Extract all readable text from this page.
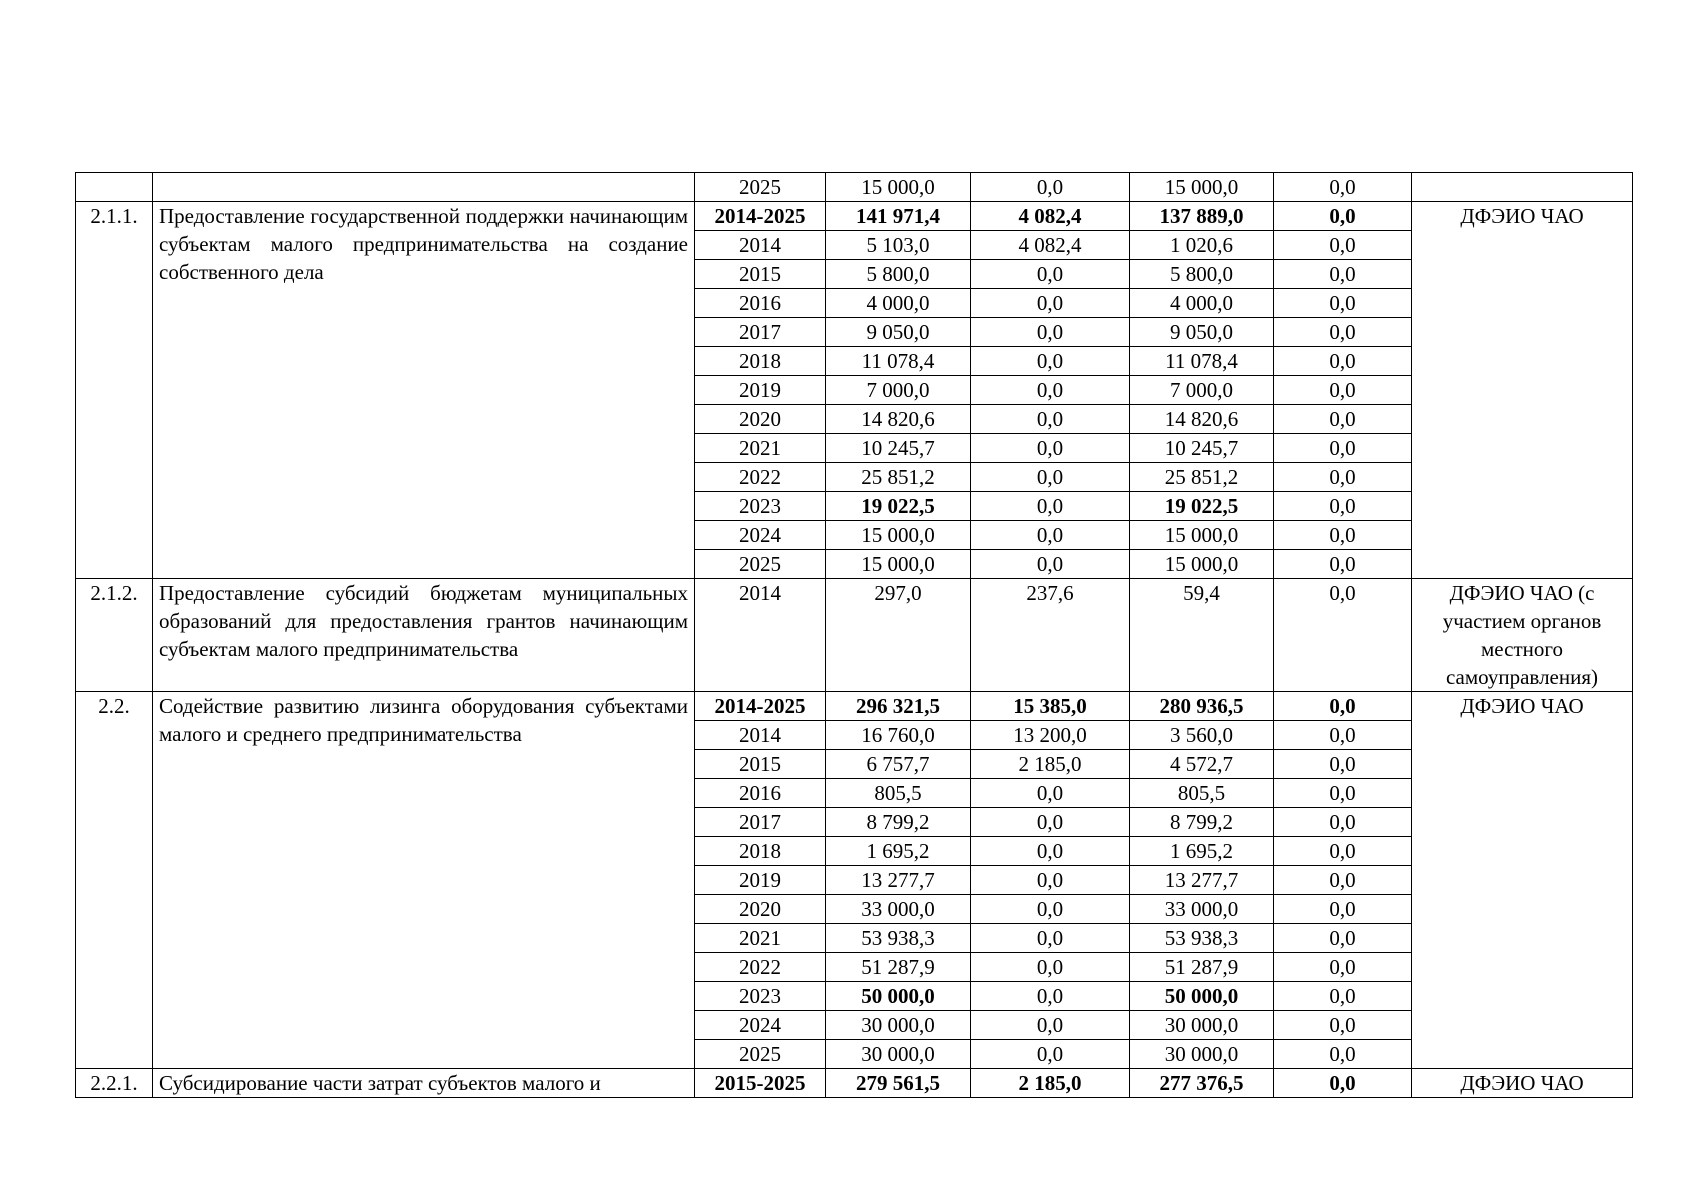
		2025	15 000,0	0,0	15 000,0	0,0	
2.1.1.	Предоставление государственной поддержки начинающим субъектам малого предпринимательства на создание собственного дела	2014-2025	141 971,4	4 082,4	137 889,0	0,0	ДФЭИО ЧАО
		2014	5 103,0	4 082,4	1 020,6	0,0	
		2015	5 800,0	0,0	5 800,0	0,0	
		2016	4 000,0	0,0	4 000,0	0,0	
		2017	9 050,0	0,0	9 050,0	0,0	
		2018	11 078,4	0,0	11 078,4	0,0	
		2019	7 000,0	0,0	7 000,0	0,0	
		2020	14 820,6	0,0	14 820,6	0,0	
		2021	10 245,7	0,0	10 245,7	0,0	
		2022	25 851,2	0,0	25 851,2	0,0	
		2023	19 022,5	0,0	19 022,5	0,0	
		2024	15 000,0	0,0	15 000,0	0,0	
		2025	15 000,0	0,0	15 000,0	0,0	
2.1.2.	Предоставление субсидий бюджетам муниципальных образований для предоставления грантов начинающим субъектам малого предпринимательства	2014	297,0	237,6	59,4	0,0	ДФЭИО ЧАО (с участием органов местного самоуправления)
2.2.	Содействие развитию лизинга оборудования субъектами малого и среднего предпринимательства	2014-2025	296 321,5	15 385,0	280 936,5	0,0	ДФЭИО ЧАО
		2014	16 760,0	13 200,0	3 560,0	0,0	
		2015	6 757,7	2 185,0	4 572,7	0,0	
		2016	805,5	0,0	805,5	0,0	
		2017	8 799,2	0,0	8 799,2	0,0	
		2018	1 695,2	0,0	1 695,2	0,0	
		2019	13 277,7	0,0	13 277,7	0,0	
		2020	33 000,0	0,0	33 000,0	0,0	
		2021	53 938,3	0,0	53 938,3	0,0	
		2022	51 287,9	0,0	51 287,9	0,0	
		2023	50 000,0	0,0	50 000,0	0,0	
		2024	30 000,0	0,0	30 000,0	0,0	
		2025	30 000,0	0,0	30 000,0	0,0	
2.2.1.	Субсидирование части затрат субъектов малого и	2015-2025	279 561,5	2 185,0	277 376,5	0,0	ДФЭИО ЧАО
